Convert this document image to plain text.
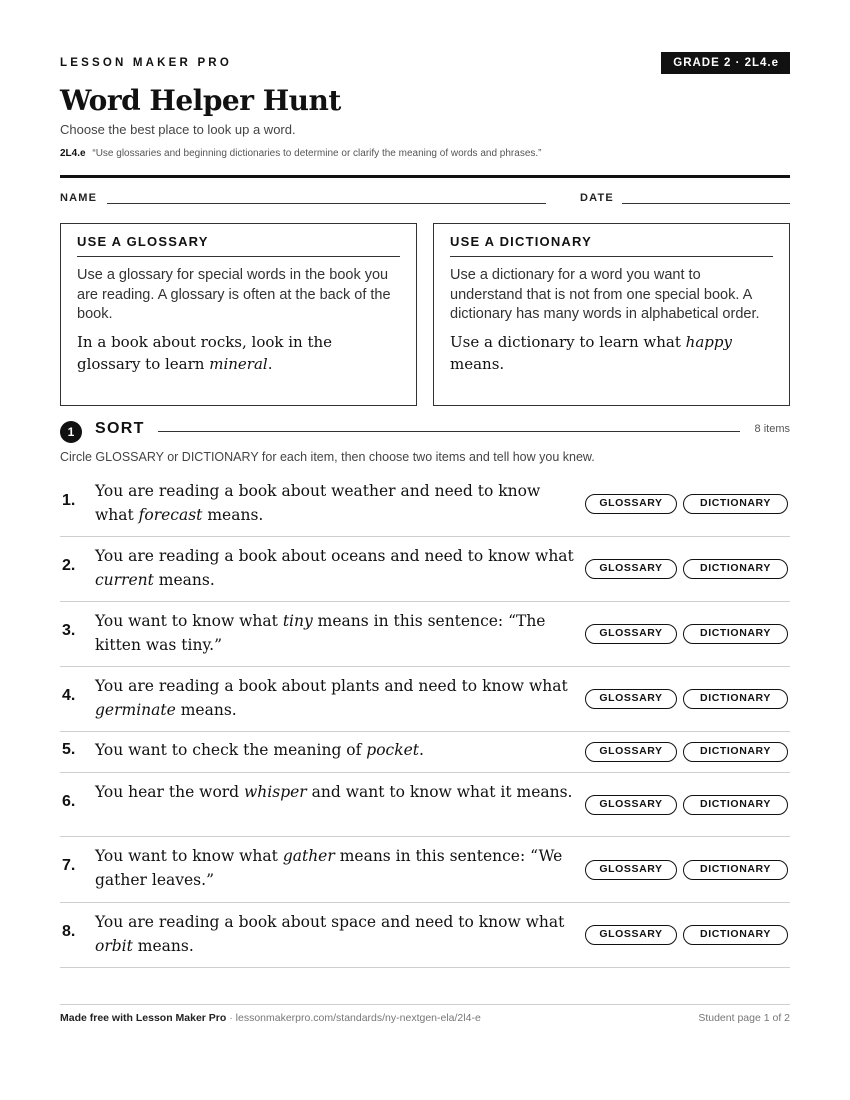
LESSON MAKER PRO	GRADE 2 · 2L4.e
Word Helper Hunt
Choose the best place to look up a word.
2L4.e “Use glossaries and beginning dictionaries to determine or clarify the meaning of words and phrases.”
NAME	DATE
USE A GLOSSARY
Use a glossary for special words in the book you are reading. A glossary is often at the back of the book.
In a book about rocks, look in the glossary to learn mineral.
USE A DICTIONARY
Use a dictionary for a word you want to understand that is not from one special book. A dictionary has many words in alphabetical order.
Use a dictionary to learn what happy means.
1	SORT	8 items
Circle GLOSSARY or DICTIONARY for each item, then choose two items and tell how you knew.
1.
You are reading a book about weather and need to know what forecast means.
GLOSSARY	DICTIONARY
2.
You are reading a book about oceans and need to know what current means.
GLOSSARY	DICTIONARY
3.
You want to know what tiny means in this sentence: “The kitten was tiny.”
GLOSSARY	DICTIONARY
4.
You are reading a book about plants and need to know what germinate means.
GLOSSARY	DICTIONARY
5. You want to check the meaning of pocket.	GLOSSARY	DICTIONARY
6.
You hear the word whisper and want to know what it means.
GLOSSARY	DICTIONARY
7.
You want to know what gather means in this sentence: “We gather leaves.”
GLOSSARY	DICTIONARY
8.
You are reading a book about space and need to know what orbit means.
GLOSSARY	DICTIONARY
Made free with Lesson Maker Pro · lessonmakerpro.com/standards/ny-nextgen-ela/2l4-e	Student page 1 of 2
